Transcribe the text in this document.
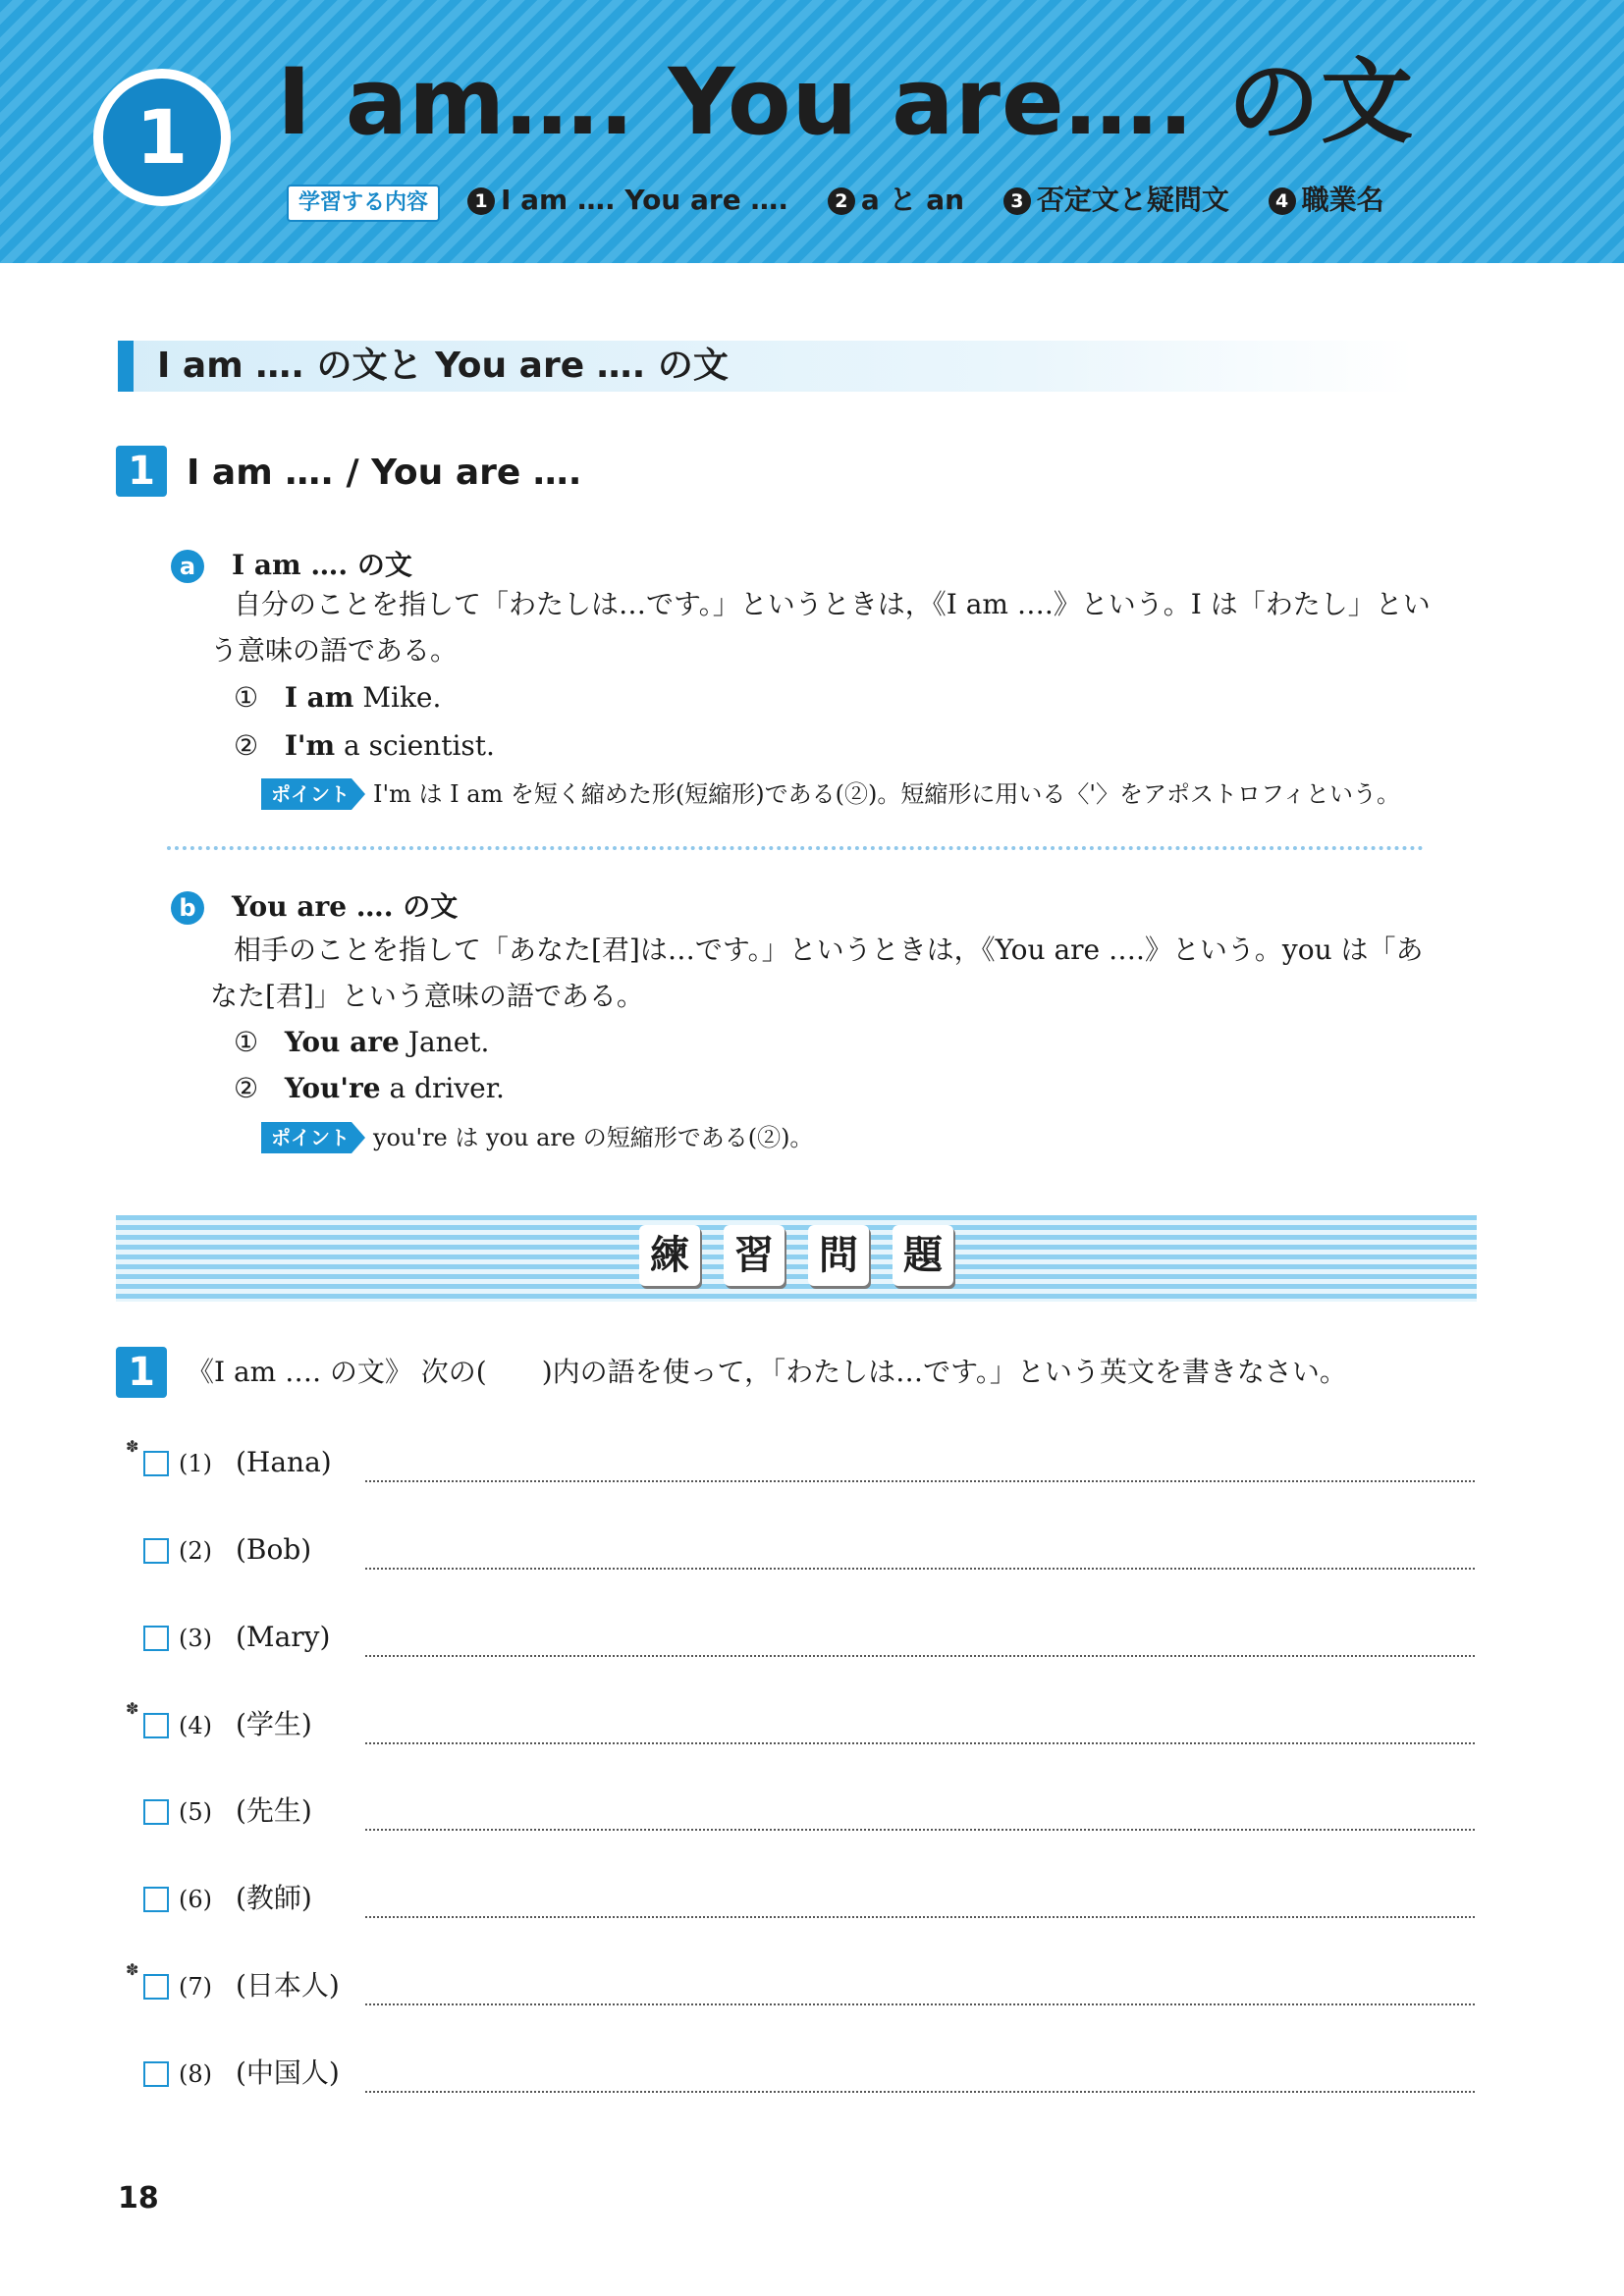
1 I am…. You are…. の文
学習する内容	1 I am …. You are …. 2 a と an 3 否定文と疑問文 4 職業名
I am …. の文と You are …. の文
1 I am …. / You are ….
a	I am …. の文
自分のことを指して「わたしは…です。」というときは，《I am ….》という。I は「わたし」とい
う意味の語である。
① I am Mike.
② I'm a scientist.
ポイント I'm は I am を短く縮めた形(短縮形)である(②)。短縮形に用いる〈'〉をアポストロフィという。
b	You are …. の文
相手のことを指して「あなた[君]は…です。」というときは，《You are ….》という。you は「あ
なた[君]」という意味の語である。
① You are Janet.
② You're a driver.
ポイント you're は you are の短縮形である(②)。
練 習 問 題
1	《I am …. の文》 次の(　　)内の語を使って，「わたしは…です。」という英文を書きなさい。
✽
(1) (Hana)
(2) (Bob)
(3) (Mary)
✽
(4) (学生)
(5) (先生)
(6) (教師)
✽
(7) (日本人)
(8) (中国人)
18
